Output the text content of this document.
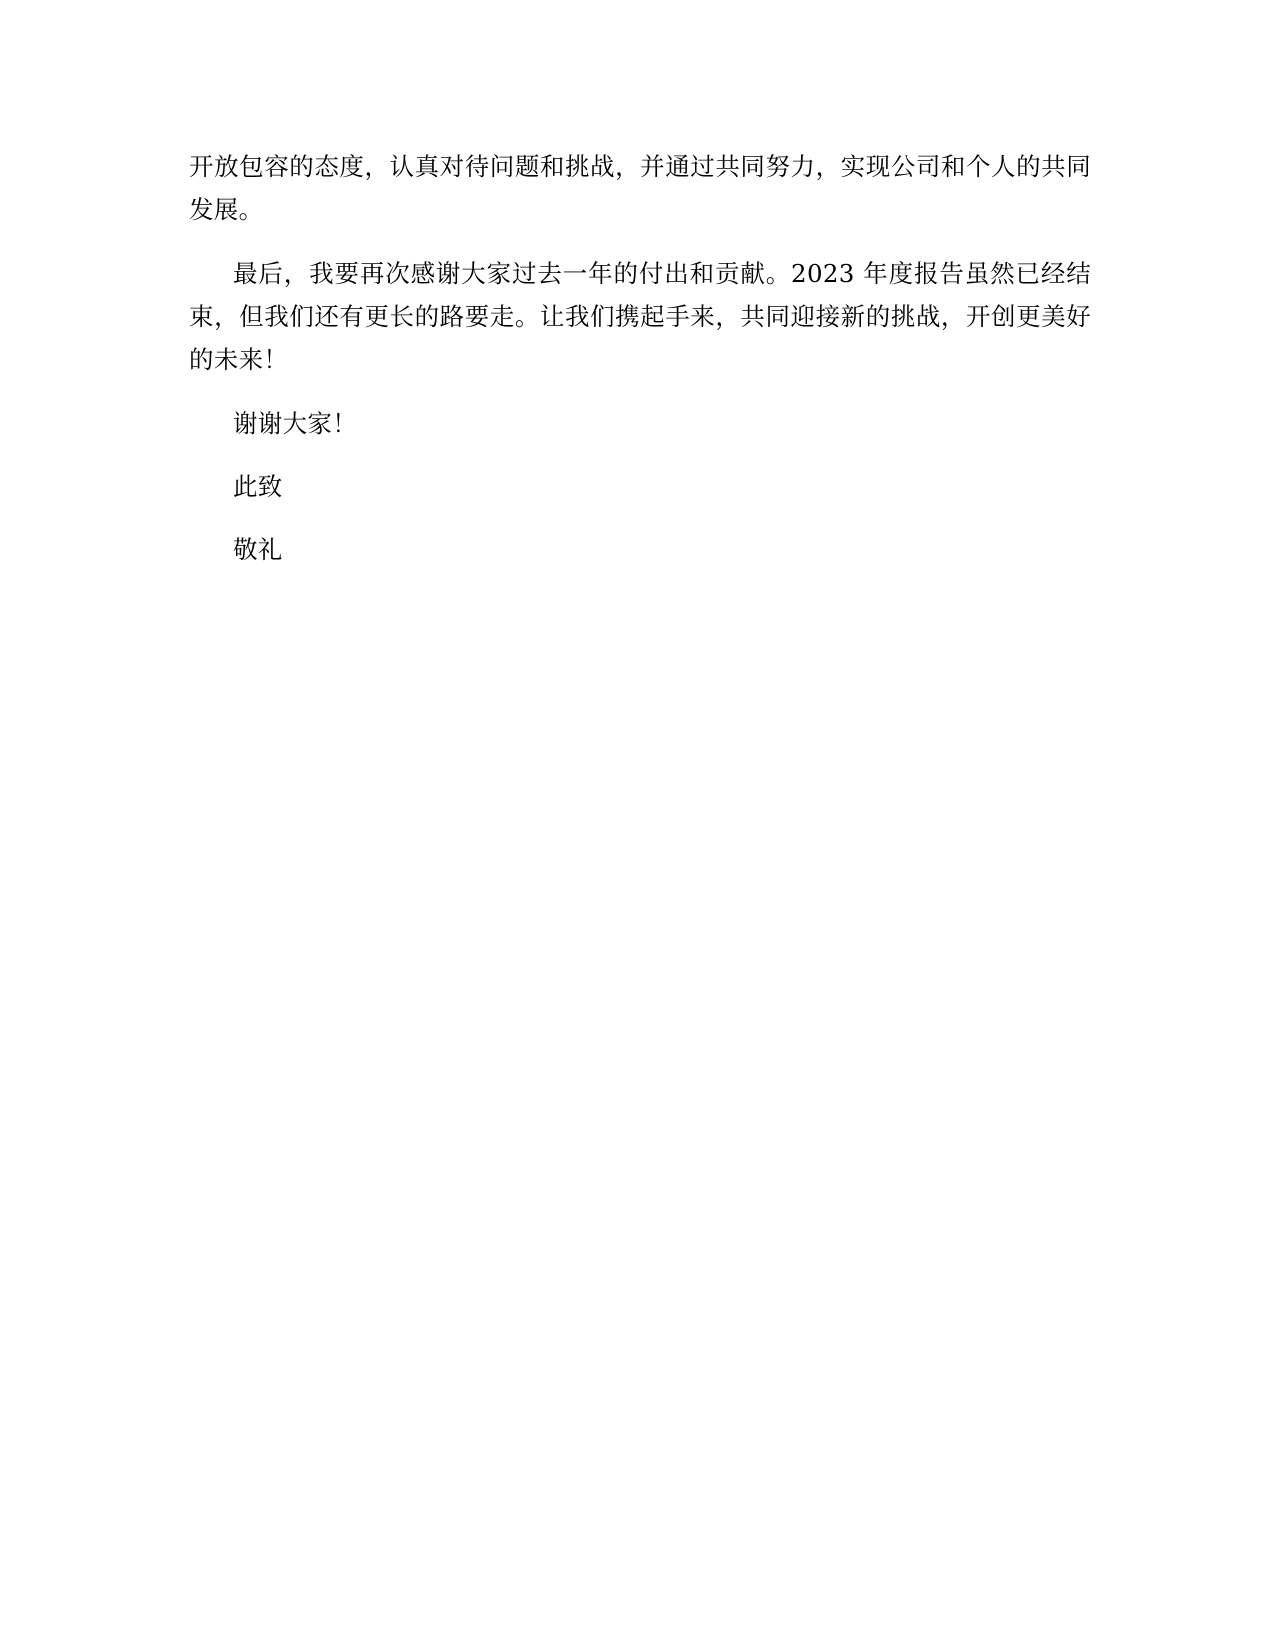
开放包容的态度，认真对待问题和挑战，并通过共同努力，实现公司和个人的共同发展。

最后，我要再次感谢大家过去一年的付出和贡献。2023 年度报告虽然已经结束，但我们还有更长的路要走。让我们携起手来，共同迎接新的挑战，开创更美好的未来！

谢谢大家！

此致

敬礼
